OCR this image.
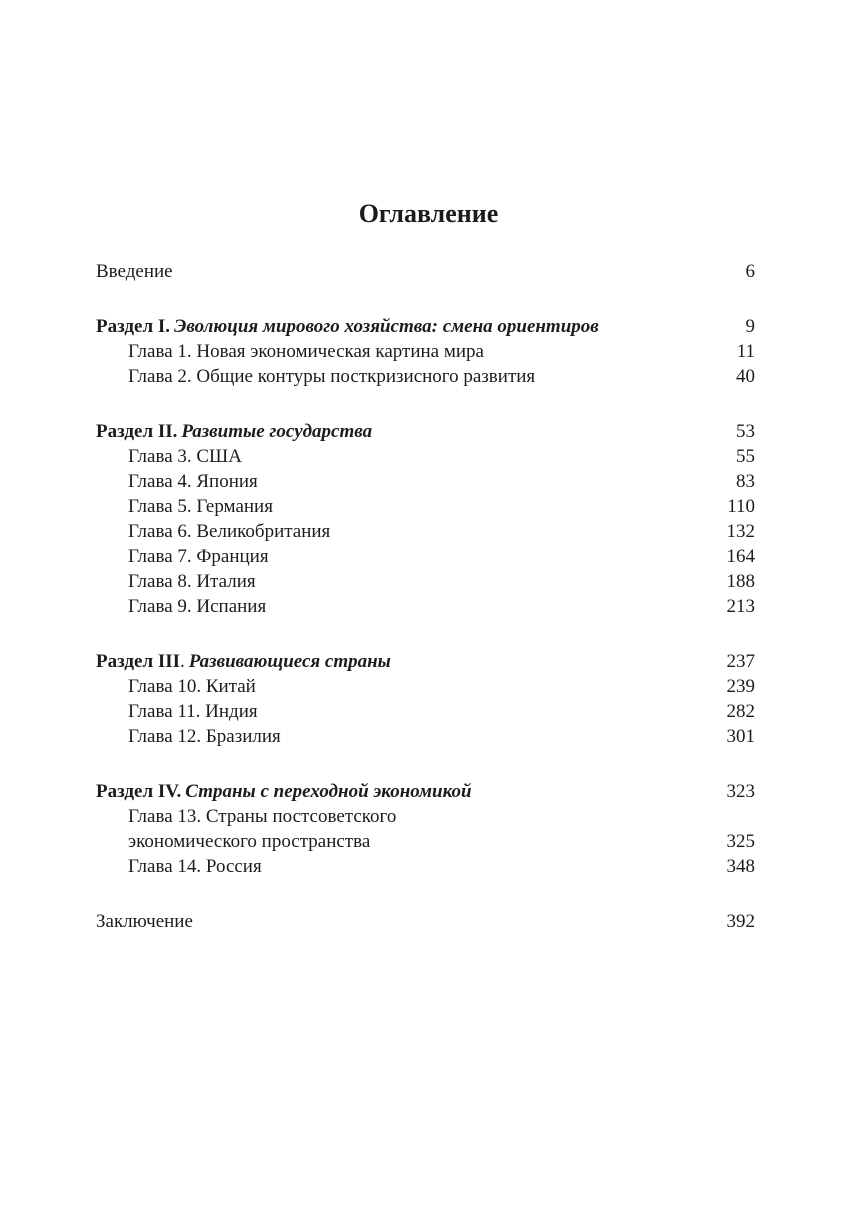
Оглавление
Введение	6
Раздел I. Эволюция мирового хозяйства: смена ориентиров	9
Глава 1. Новая экономическая картина мира	11
Глава 2. Общие контуры посткризисного развития	40
Раздел II. Развитые государства	53
Глава 3. США	55
Глава 4. Япония	83
Глава 5. Германия	110
Глава 6. Великобритания	132
Глава 7. Франция	164
Глава 8. Италия	188
Глава 9. Испания	213
Раздел III . Развивающиеся страны	237
Глава 10. Китай	239
Глава 11. Индия	282
Глава 12. Бразилия	301
Раздел IV. Страны с переходной экономикой	323
Глава 13. Страны постсоветского
экономического пространства	325
Глава 14. Россия	348
Заключение	392
